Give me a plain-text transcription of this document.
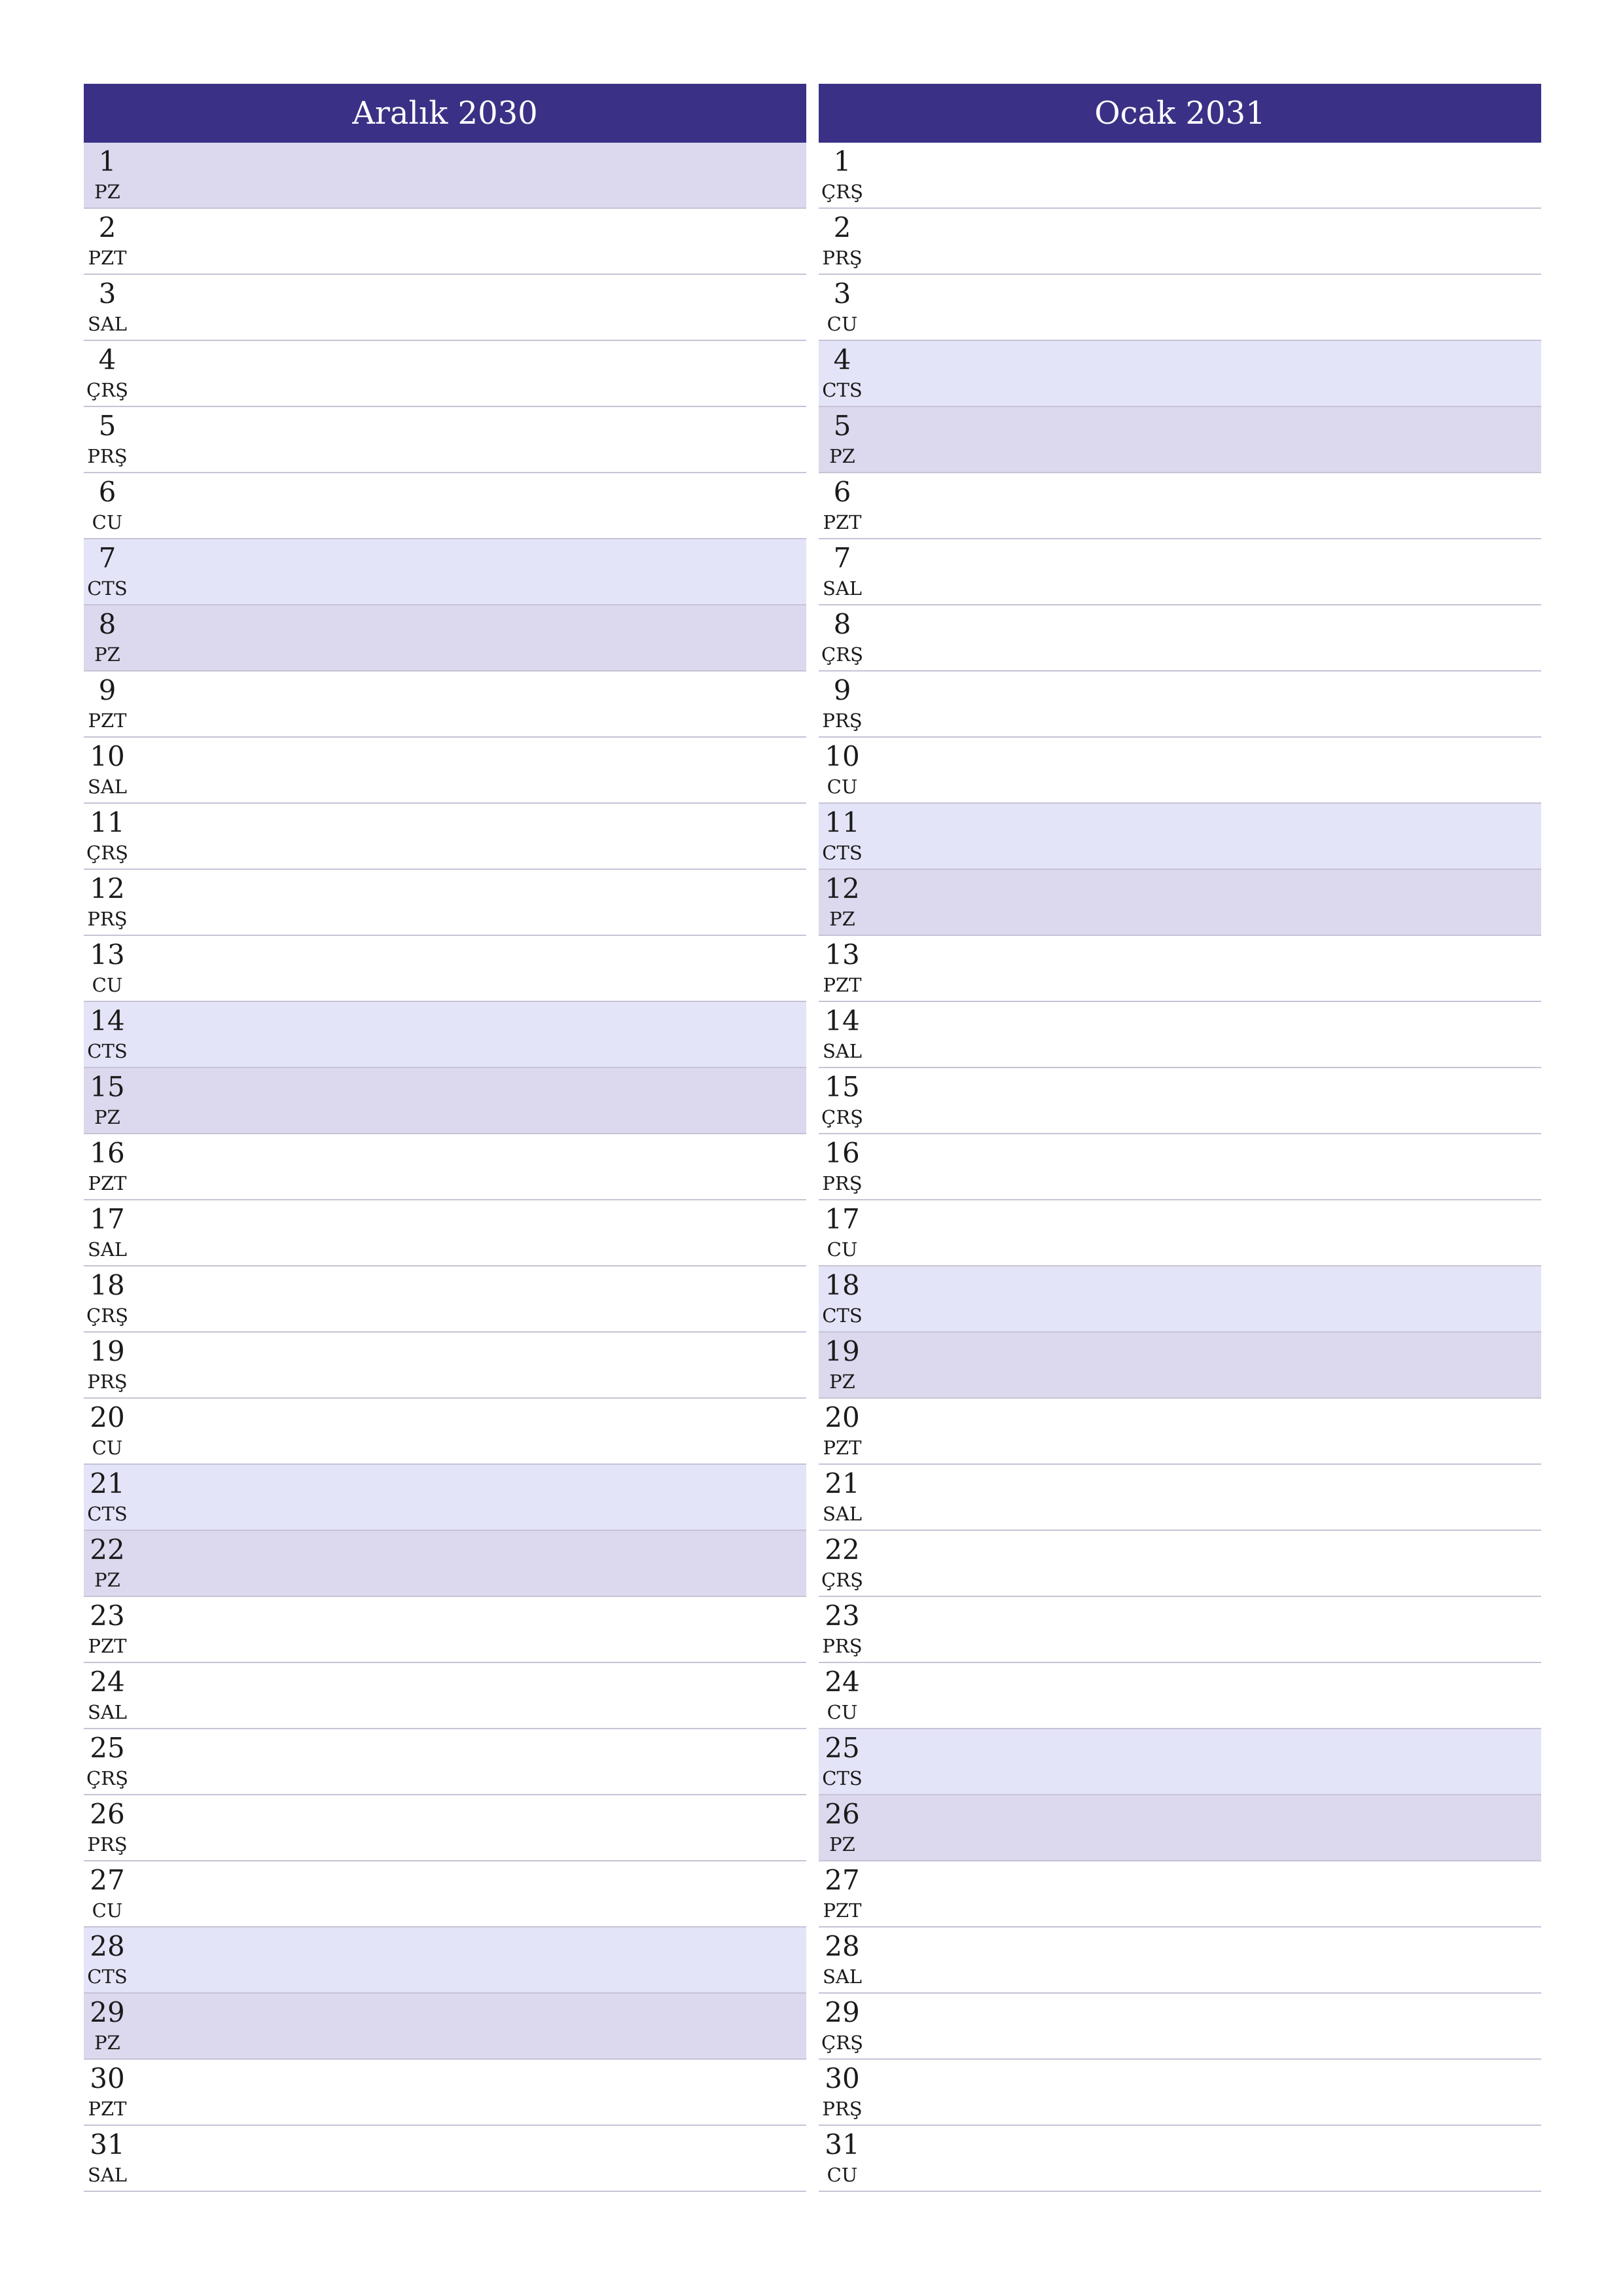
Aralık 2030
1
PZ
2
PZT
3
SAL
4
ÇRŞ
5
PRŞ
6
CU
7
CTS
8
PZ
9
PZT
10
SAL
11
ÇRŞ
12
PRŞ
13
CU
14
CTS
15
PZ
16
PZT
17
SAL
18
ÇRŞ
19
PRŞ
20
CU
21
CTS
22
PZ
23
PZT
24
SAL
25
ÇRŞ
26
PRŞ
27
CU
28
CTS
29
PZ
30
PZT
31
SAL
Ocak 2031
1
ÇRŞ
2
PRŞ
3
CU
4
CTS
5
PZ
6
PZT
7
SAL
8
ÇRŞ
9
PRŞ
10
CU
11
CTS
12
PZ
13
PZT
14
SAL
15
ÇRŞ
16
PRŞ
17
CU
18
CTS
19
PZ
20
PZT
21
SAL
22
ÇRŞ
23
PRŞ
24
CU
25
CTS
26
PZ
27
PZT
28
SAL
29
ÇRŞ
30
PRŞ
31
CU
